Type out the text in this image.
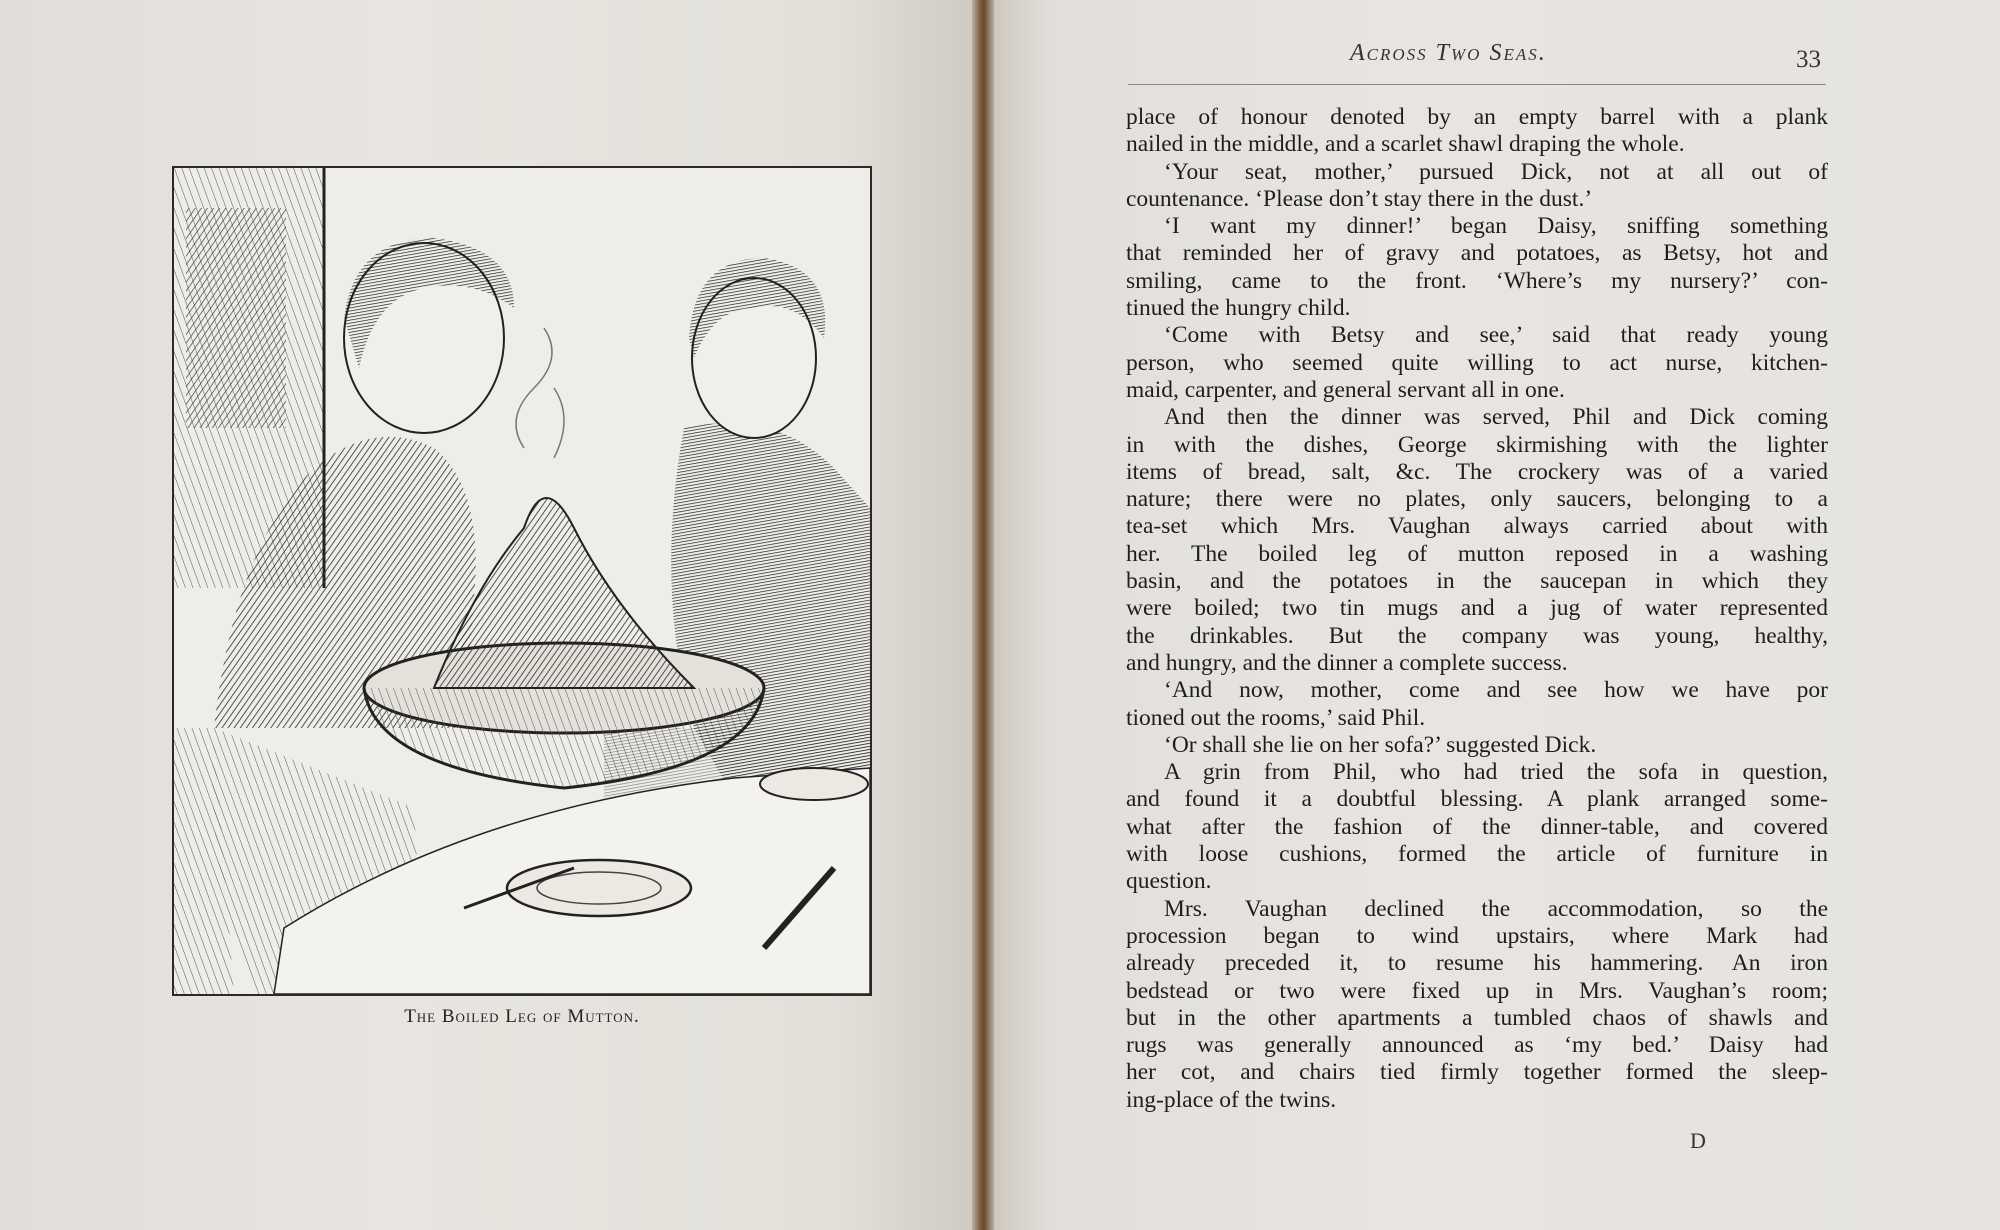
The Boiled Leg of Mutton.
Across Two Seas.	33
place of honour denoted by an empty barrel with a plank
nailed in the middle, and a scarlet shawl draping the whole.
‘Your seat, mother,’ pursued Dick, not at all out of
countenance. ‘Please don’t stay there in the dust.’
‘I want my dinner!’ began Daisy, sniffing something
that reminded her of gravy and potatoes, as Betsy, hot and
smiling, came to the front. ‘Where’s my nursery?’ con-
tinued the hungry child.
‘Come with Betsy and see,’ said that ready young
person, who seemed quite willing to act nurse, kitchen-
maid, carpenter, and general servant all in one.
And then the dinner was served, Phil and Dick coming
in with the dishes, George skirmishing with the lighter
items of bread, salt, &c. The crockery was of a varied
nature; there were no plates, only saucers, belonging to a
tea-set which Mrs. Vaughan always carried about with
her. The boiled leg of mutton reposed in a washing
basin, and the potatoes in the saucepan in which they
were boiled; two tin mugs and a jug of water represented
the drinkables. But the company was young, healthy,
and hungry, and the dinner a complete success.
‘And now, mother, come and see how we have por
tioned out the rooms,’ said Phil.
‘Or shall she lie on her sofa?’ suggested Dick.
A grin from Phil, who had tried the sofa in question,
and found it a doubtful blessing. A plank arranged some-
what after the fashion of the dinner-table, and covered
with loose cushions, formed the article of furniture in
question.
Mrs. Vaughan declined the accommodation, so the
procession began to wind upstairs, where Mark had
already preceded it, to resume his hammering. An iron
bedstead or two were fixed up in Mrs. Vaughan’s room;
but in the other apartments a tumbled chaos of shawls and
rugs was generally announced as ‘my bed.’ Daisy had
her cot, and chairs tied firmly together formed the sleep-
ing-place of the twins.
D
